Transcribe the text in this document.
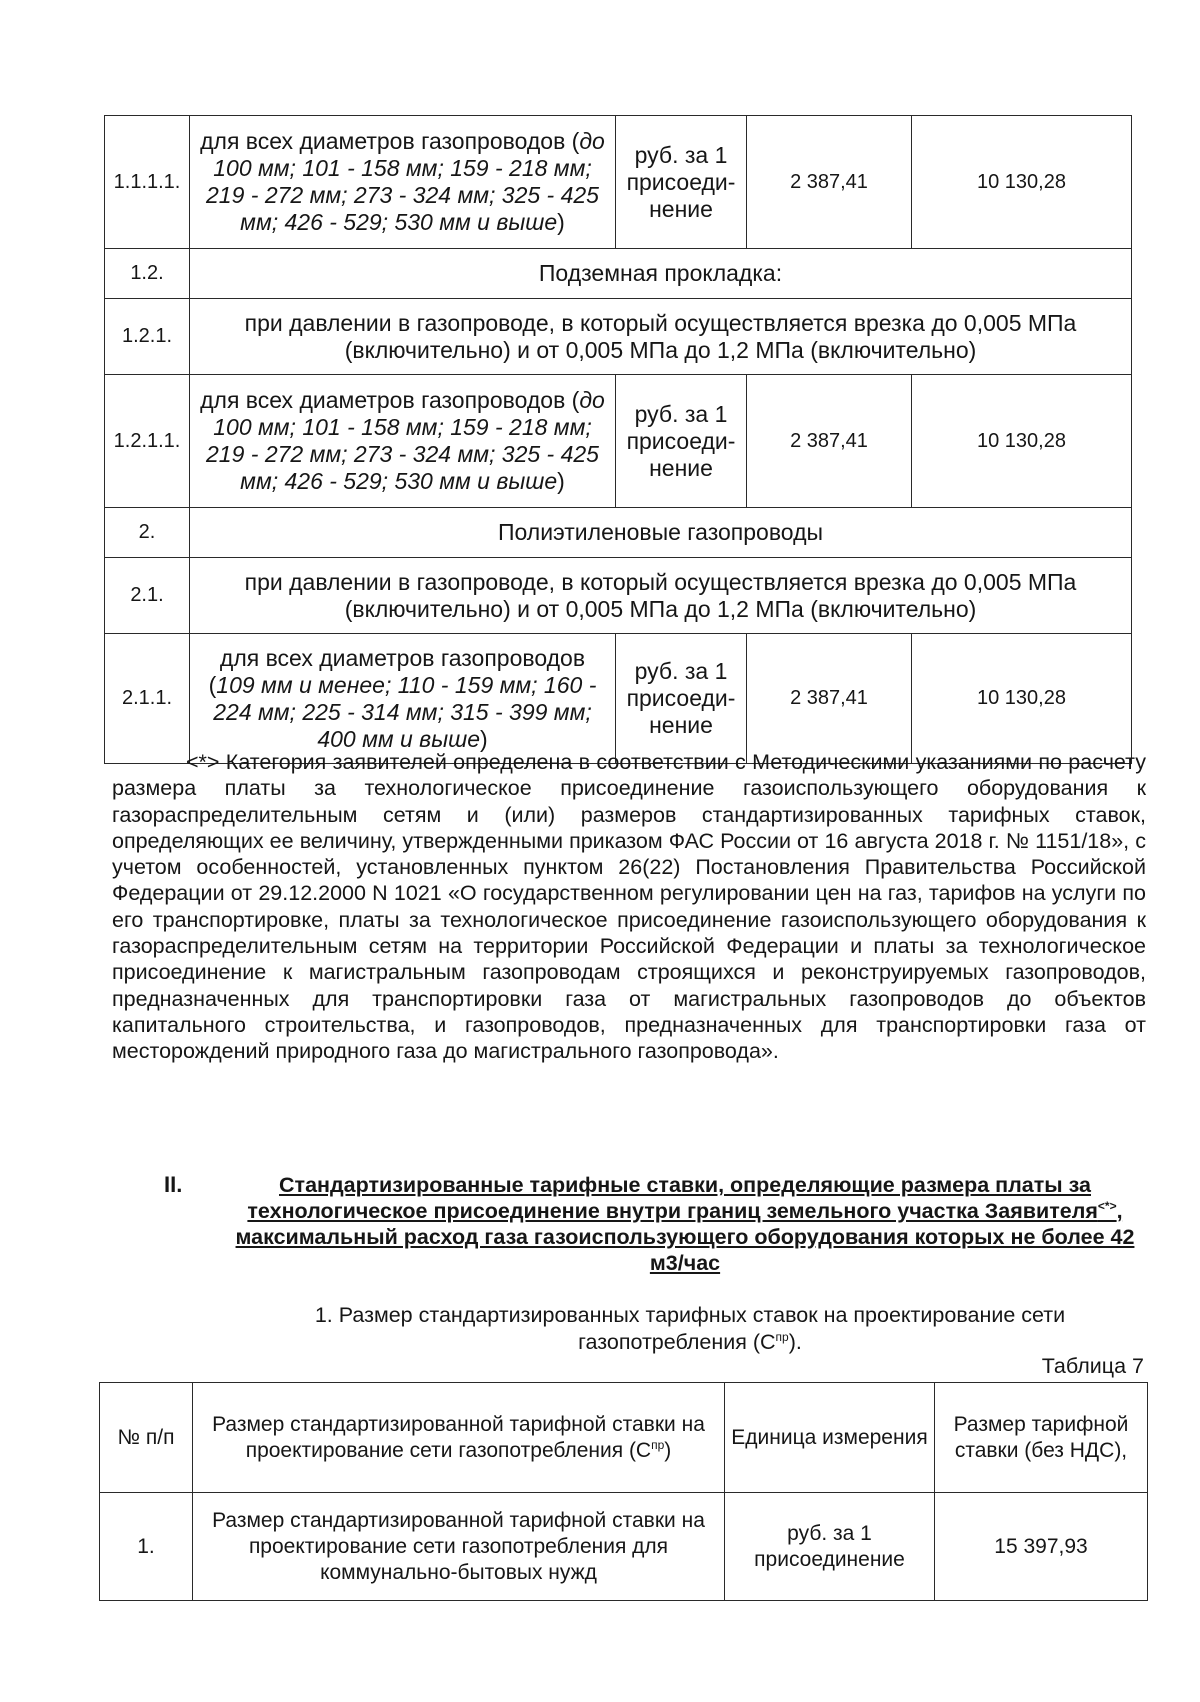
1.1.1.1.	для всех диаметров газопроводов (до 100 мм; 101 - 158 мм; 159 - 218 мм; 219 - 272 мм; 273 - 324 мм; 325 - 425 мм; 426 - 529; 530 мм и выше)	руб. за 1 присоеди-нение	2 387,41	10 130,28
1.2.	Подземная прокладка:			
1.2.1.	при давлении в газопроводе, в который осуществляется врезка до 0,005 МПа (включительно) и от 0,005 МПа до 1,2 МПа (включительно)			
1.2.1.1.	для всех диаметров газопроводов (до 100 мм; 101 - 158 мм; 159 - 218 мм; 219 - 272 мм; 273 - 324 мм; 325 - 425 мм; 426 - 529; 530 мм и выше)	руб. за 1 присоеди-нение	2 387,41	10 130,28
2.	Полиэтиленовые газопроводы			
2.1.	при давлении в газопроводе, в который осуществляется врезка до 0,005 МПа (включительно) и от 0,005 МПа до 1,2 МПа (включительно)			
2.1.1.	для всех диаметров газопроводов (109 мм и менее; 110 - 159 мм; 160 - 224 мм; 225 - 314 мм; 315 - 399 мм; 400 мм и выше)	руб. за 1 присоеди-нение	2 387,41	10 130,28

<*> Категория заявителей определена в соответствии с Методическими указаниями по расчету размера платы за технологическое присоединение газоиспользующего оборудования к газораспределительным сетям и (или) размеров стандартизированных тарифных ставок, определяющих ее величину, утвержденными приказом ФАС России от 16 августа 2018 г. № 1151/18», с учетом особенностей, установленных пунктом 26(22) Постановления Правительства Российской Федерации от 29.12.2000 N 1021 «О государственном регулировании цен на газ, тарифов на услуги по его транспортировке, платы за технологическое присоединение газоиспользующего оборудования к газораспределительным сетям на территории Российской Федерации и платы за технологическое присоединение к магистральным газопроводам строящихся и реконструируемых газопроводов, предназначенных для транспортировки газа от магистральных газопроводов до объектов капитального строительства, и газопроводов, предназначенных для транспортировки газа от месторождений природного газа до магистрального газопровода».

II.	Стандартизированные тарифные ставки, определяющие размера платы за технологическое присоединение внутри границ земельного участка Заявителя<*>, максимальный расход газа газоиспользующего оборудования которых не более 42 м3/час
1. Размер стандартизированных тарифных ставок на проектирование сети газопотребления $(С^{пр})$.
Таблица 7
№ п/п	Размер стандартизированной тарифной ставки на проектирование сети газопотребления $(С^{пр})$	Единица измерения	Размер тарифной ставки (без НДС),
1.	Размер стандартизированной тарифной ставки на проектирование сети газопотребления для коммунально-бытовых нужд	руб. за 1 присоединение	15 397,93
